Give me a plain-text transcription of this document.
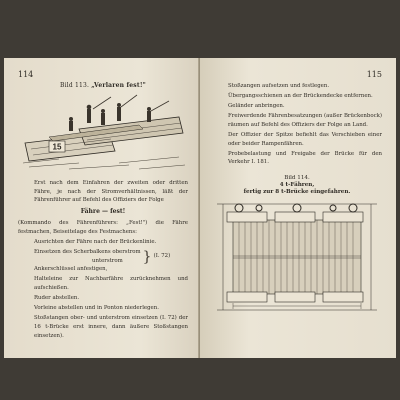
114
Bild 113. „Verlaren fest!"
15

Erst nach dem Einfahren der zweiten oder dritten Fähre, je nach der Stromverhältnissen, läßt der Fährenführer auf Befehl des Offiziers der Folge

Fähre — fest!

(Kommando des Fährenführers: „Fest!") die Fähre festmachen, Beiseitelage des Festmachens:

Ausrichten der Fähre nach der Brückenlinie.

Einsetzen des Scherbalkens oberstrom
unterstrom	} (I. 72)

Ankerschlüssel anfestigen,

Halteleine zur Nachbarfähre zurücknehmen und aufschießen.

Ruder abstellen.

Vorleine abstellen und in Ponton niederlegen.

Stoßstangen ober- und unterstrom einsetzen (I. 72) der 16 t-Brücke erst innere, dann äußere Stoßstangen einsetzen).

115

Stoßzangen aufsetzen und festlegen.

Übergangsschienen an der Brückendecke entfernen.

Geländer anbringen.

Freiwerdende Fährenbesatzungen (außer Brückenbock) räumen auf Befehl des Offiziers der Folge an Land.

Der Offizier der Spitze befiehlt das Verschieben einer oder beider Rampenfähren.

Probebelastung und Freigabe der Brücke für den Verkehr I. 181.

Bild 114.
4 t-Fähren,
fertig zur 8 t-Brücke eingefahren.
